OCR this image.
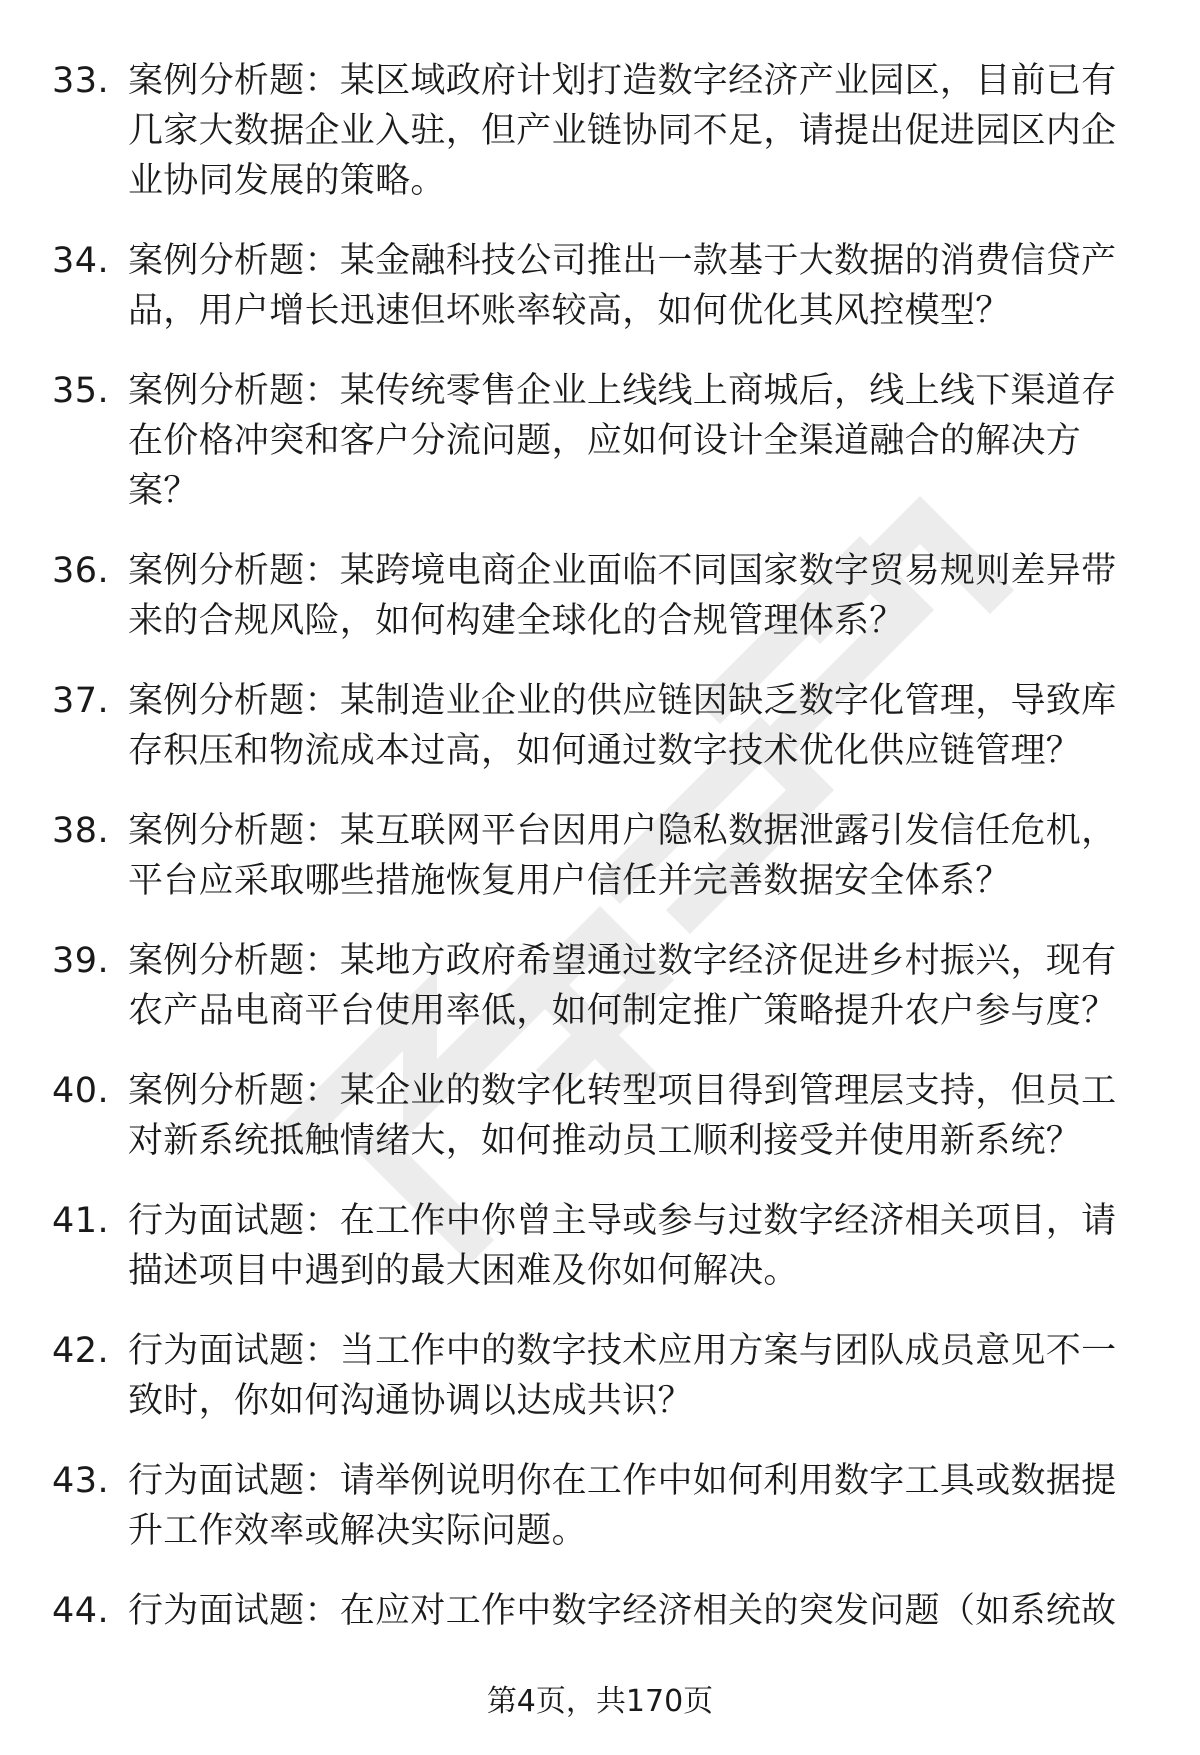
33. 案例分析题：某区域政府计划打造数字经济产业园区，目前已有几家大数据企业入驻，但产业链协同不足，请提出促进园区内企业协同发展的策略。
34. 案例分析题：某金融科技公司推出一款基于大数据的消费信贷产品，用户增长迅速但坏账率较高，如何优化其风控模型？
35. 案例分析题：某传统零售企业上线线上商城后，线上线下渠道存在价格冲突和客户分流问题，应如何设计全渠道融合的解决方案？
36. 案例分析题：某跨境电商企业面临不同国家数字贸易规则差异带来的合规风险，如何构建全球化的合规管理体系？
37. 案例分析题：某制造业企业的供应链因缺乏数字化管理，导致库存积压和物流成本过高，如何通过数字技术优化供应链管理？
38. 案例分析题：某互联网平台因用户隐私数据泄露引发信任危机，平台应采取哪些措施恢复用户信任并完善数据安全体系？
39. 案例分析题：某地方政府希望通过数字经济促进乡村振兴，现有农产品电商平台使用率低，如何制定推广策略提升农户参与度？
40. 案例分析题：某企业的数字化转型项目得到管理层支持，但员工对新系统抵触情绪大，如何推动员工顺利接受并使用新系统？
41. 行为面试题：在工作中你曾主导或参与过数字经济相关项目，请描述项目中遇到的最大困难及你如何解决。
42. 行为面试题：当工作中的数字技术应用方案与团队成员意见不一致时，你如何沟通协调以达成共识？
43. 行为面试题：请举例说明你在工作中如何利用数字工具或数据提升工作效率或解决实际问题。
44. 行为面试题：在应对工作中数字经济相关的突发问题（如系统故
第4页，共170页
